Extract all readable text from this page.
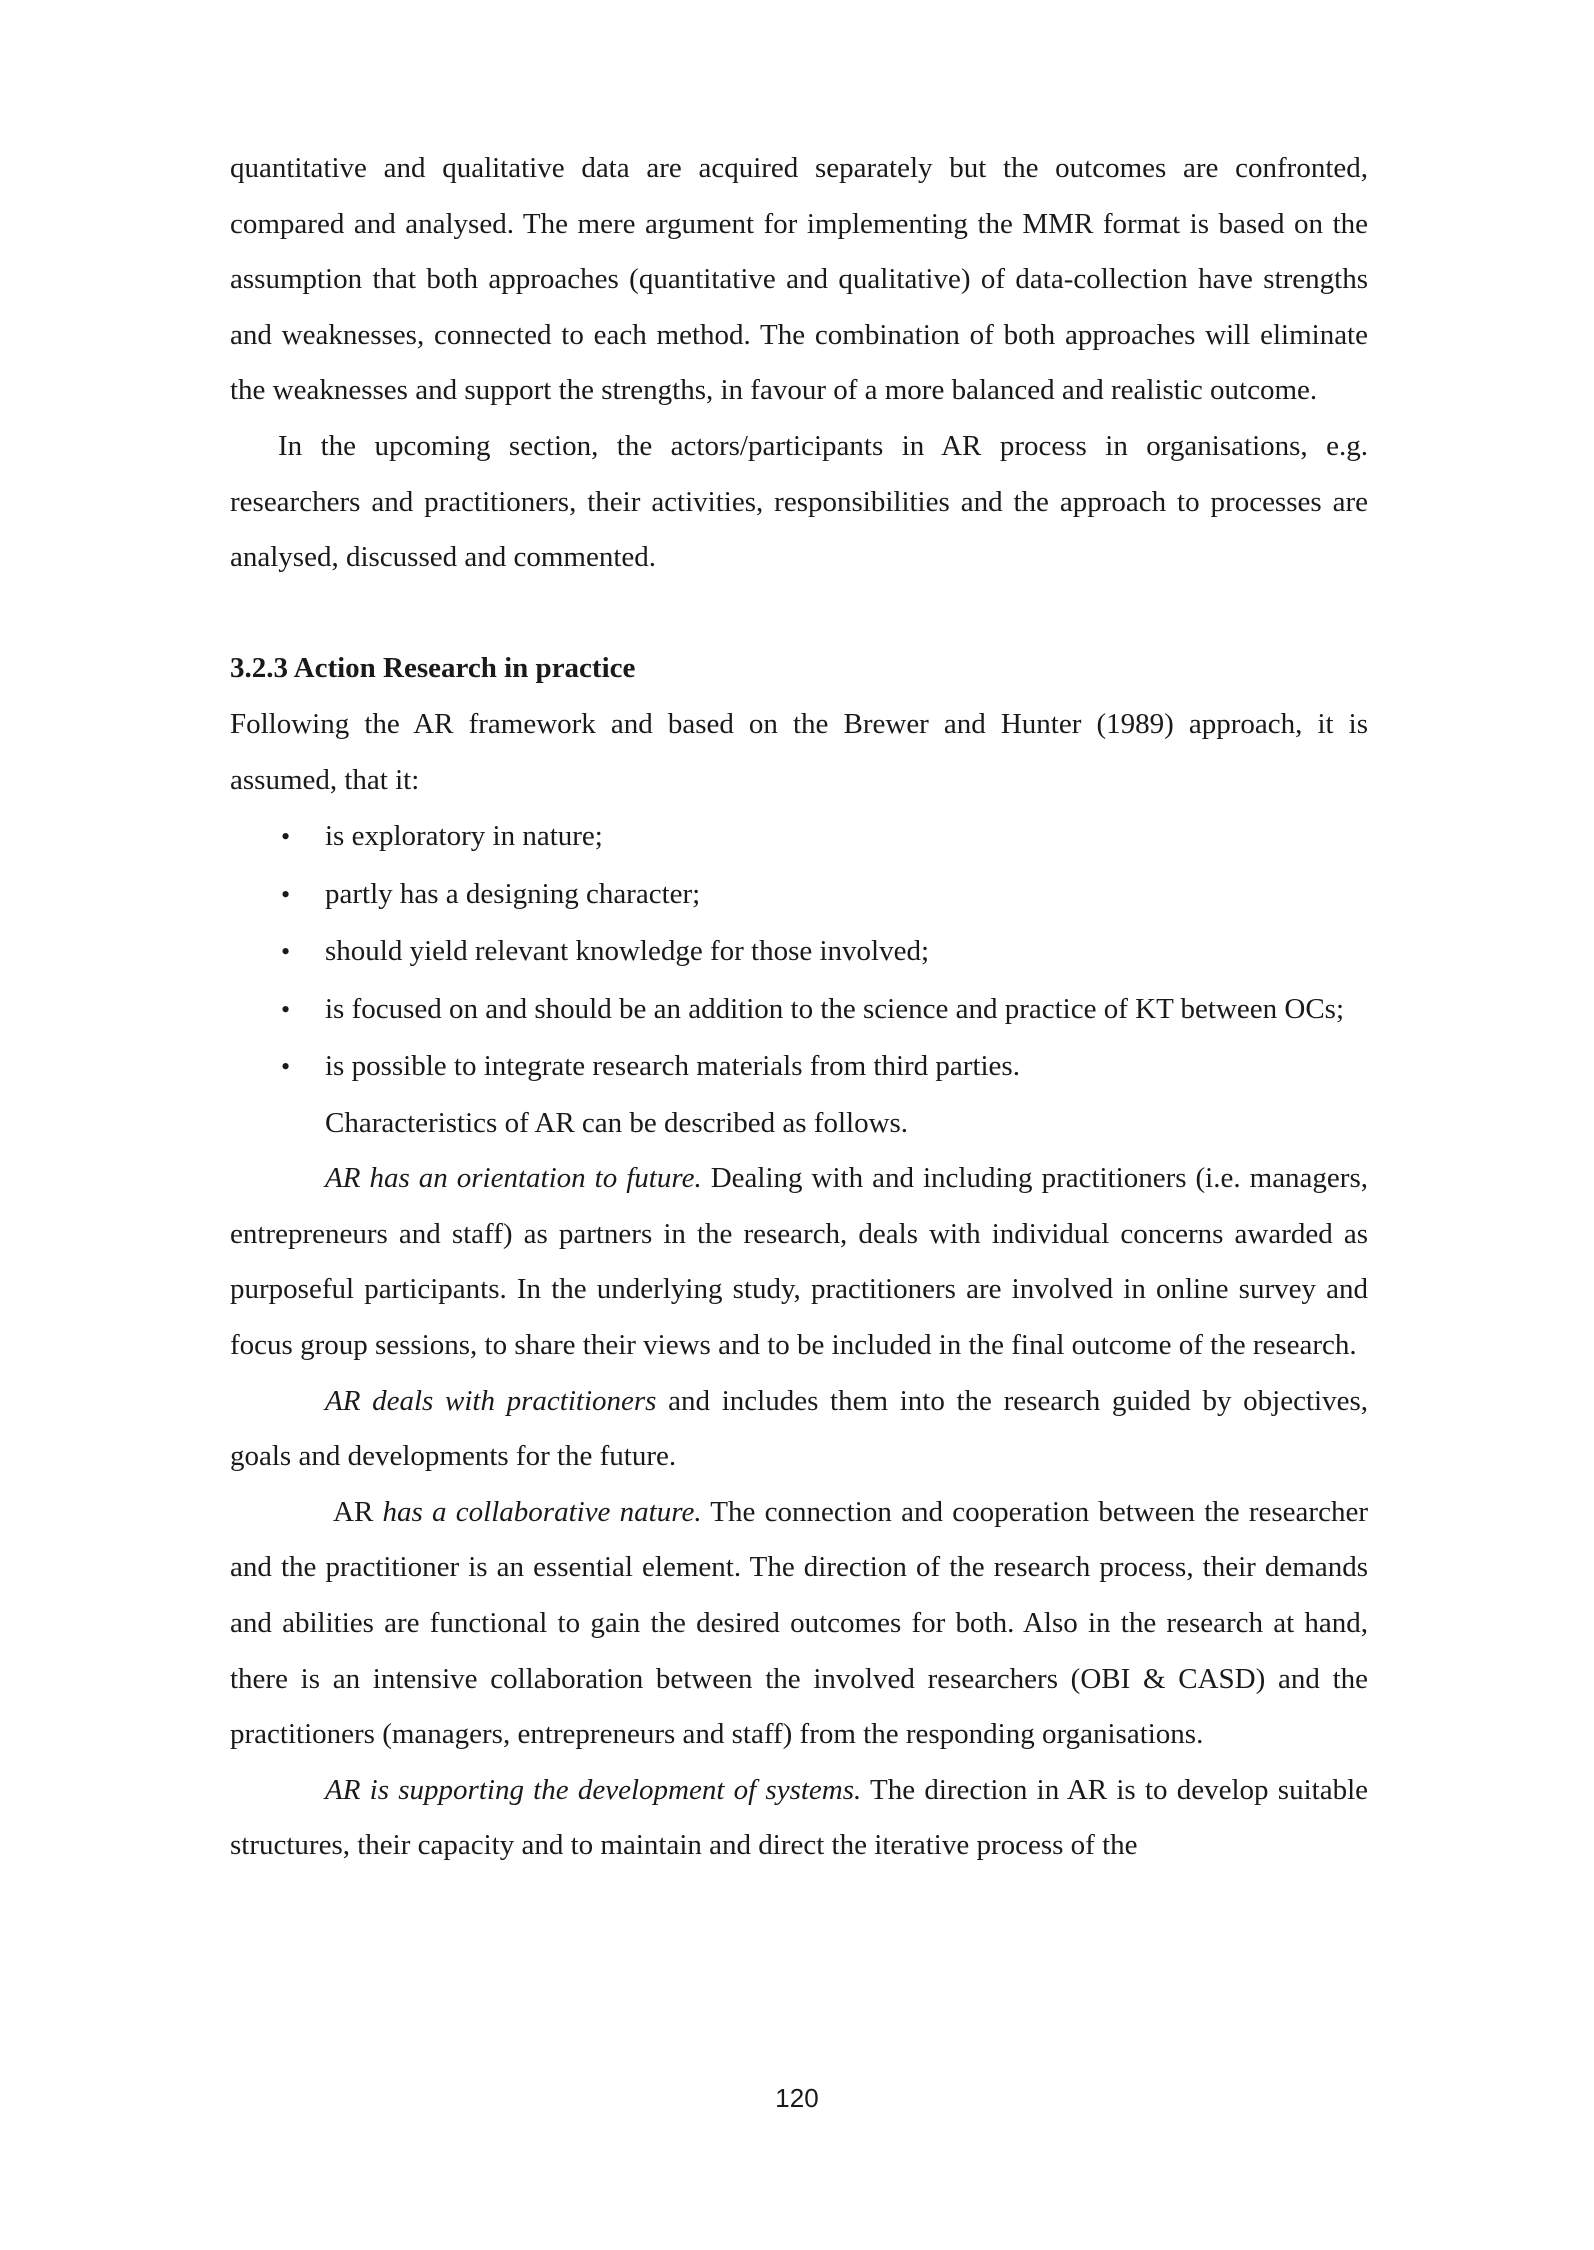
quantitative and qualitative data are acquired separately but the outcomes are confronted, compared and analysed. The mere argument for implementing the MMR format is based on the assumption that both approaches (quantitative and qualitative) of data-collection have strengths and weaknesses, connected to each method. The combination of both approaches will eliminate the weaknesses and support the strengths, in favour of a more balanced and realistic outcome.

In the upcoming section, the actors/participants in AR process in organisations, e.g. researchers and practitioners, their activities, responsibilities and the approach to processes are analysed, discussed and commented.

3.2.3 Action Research in practice

Following the AR framework and based on the Brewer and Hunter (1989) approach, it is assumed, that it:

• is exploratory in nature;
• partly has a designing character;
• should yield relevant knowledge for those involved;
• is focused on and should be an addition to the science and practice of KT between OCs;
• is possible to integrate research materials from third parties.

Characteristics of AR can be described as follows.

AR has an orientation to future. Dealing with and including practitioners (i.e. managers, entrepreneurs and staff) as partners in the research, deals with individual concerns awarded as purposeful participants. In the underlying study, practitioners are involved in online survey and focus group sessions, to share their views and to be included in the final outcome of the research.

AR deals with practitioners and includes them into the research guided by objectives, goals and developments for the future.

AR has a collaborative nature. The connection and cooperation between the researcher and the practitioner is an essential element. The direction of the research process, their demands and abilities are functional to gain the desired outcomes for both. Also in the research at hand, there is an intensive collaboration between the involved researchers (OBI & CASD) and the practitioners (managers, entrepreneurs and staff) from the responding organisations.

AR is supporting the development of systems. The direction in AR is to develop suitable structures, their capacity and to maintain and direct the iterative process of the

120
